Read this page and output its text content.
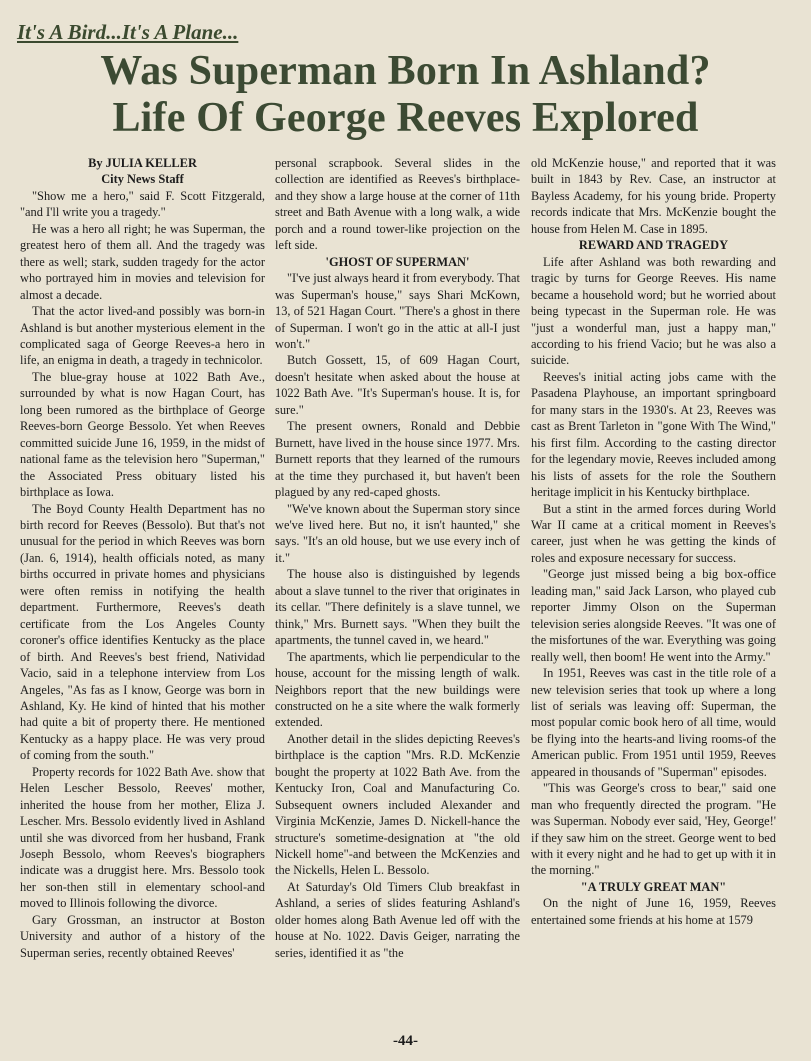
It's A Bird...It's A Plane...
Was Superman Born In Ashland?
Life Of George Reeves Explored
By JULIA KELLER
City News Staff

"Show me a hero," said F. Scott Fitzgerald, "and I'll write you a tragedy."

He was a hero all right; he was Superman, the greatest hero of them all. And the tragedy was there as well; stark, sudden tragedy for the actor who portrayed him in movies and television for almost a decade.

That the actor lived-and possibly was born-in Ashland is but another mysterious element in the complicated saga of George Reeves-a hero in life, an enigma in death, a tragedy in technicolor.

The blue-gray house at 1022 Bath Ave., surrounded by what is now Hagan Court, has long been rumored as the birthplace of George Reeves-born George Bessolo. Yet when Reeves committed suicide June 16, 1959, in the midst of national fame as the television hero "Superman," the Associated Press obituary listed his birthplace as Iowa.

The Boyd County Health Department has no birth record for Reeves (Bessolo). But that's not unusual for the period in which Reeves was born (Jan. 6, 1914), health officials noted, as many births occurred in private homes and physicians were often remiss in notifying the health department. Furthermore, Reeves's death certificate from the Los Angeles County coroner's office identifies Kentucky as the place of birth. And Reeves's best friend, Natividad Vacio, said in a telephone interview from Los Angeles, "As fas as I know, George was born in Ashland, Ky. He kind of hinted that his mother had quite a bit of property there. He mentioned Kentucky as a happy place. He was very proud of coming from the south."

Property records for 1022 Bath Ave. show that Helen Lescher Bessolo, Reeves' mother, inherited the house from her mother, Eliza J. Lescher. Mrs. Bessolo evidently lived in Ashland until she was divorced from her husband, Frank Joseph Bessolo, whom Reeves's biographers indicate was a druggist here. Mrs. Bessolo took her son-then still in elementary school-and moved to Illinois following the divorce.

Gary Grossman, an instructor at Boston University and author of a history of the Superman series, recently obtained Reeves'

personal scrapbook. Several slides in the collection are identified as Reeves's birthplace-and they show a large house at the corner of 11th street and Bath Avenue with a long walk, a wide porch and a round tower-like projection on the left side.

'GHOST OF SUPERMAN'

"I've just always heard it from everybody. That was Superman's house," says Shari McKown, 13, of 521 Hagan Court. "There's a ghost in there of Superman. I won't go in the attic at all-I just won't."

Butch Gossett, 15, of 609 Hagan Court, doesn't hesitate when asked about the house at 1022 Bath Ave. "It's Superman's house. It is, for sure."

The present owners, Ronald and Debbie Burnett, have lived in the house since 1977. Mrs. Burnett reports that they learned of the rumours at the time they purchased it, but haven't been plagued by any red-caped ghosts.

"We've known about the Superman story since we've lived here. But no, it isn't haunted," she says. "It's an old house, but we use every inch of it."

The house also is distinguished by legends about a slave tunnel to the river that originates in its cellar. "There definitely is a slave tunnel, we think," Mrs. Burnett says. "When they built the apartments, the tunnel caved in, we heard."

The apartments, which lie perpendicular to the house, account for the missing length of walk. Neighbors report that the new buildings were constructed on he a site where the walk formerly extended.

Another detail in the slides depicting Reeves's birthplace is the caption "Mrs. R.D. McKenzie bought the property at 1022 Bath Ave. from the Kentucky Iron, Coal and Manufacturing Co. Subsequent owners included Alexander and Virginia McKenzie, James D. Nickell-hance the structure's sometime-designation at "the old Nickell home"-and between the McKenzies and the Nickells, Helen L. Bessolo.

At Saturday's Old Timers Club breakfast in Ashland, a series of slides featuring Ashland's older homes along Bath Avenue led off with the house at No. 1022. Davis Geiger, narrating the series, identified it as "the

old McKenzie house," and reported that it was built in 1843 by Rev. Case, an instructor at Bayless Academy, for his young bride. Property records indicate that Mrs. McKenzie bought the house from Helen M. Case in 1895.

REWARD AND TRAGEDY

Life after Ashland was both rewarding and tragic by turns for George Reeves. His name became a household word; but he worried about being typecast in the Superman role. He was "just a wonderful man, just a happy man," according to his friend Vacio; but he was also a suicide.

Reeves's initial acting jobs came with the Pasadena Playhouse, an important springboard for many stars in the 1930's. At 23, Reeves was cast as Brent Tarleton in "gone With The Wind," his first film. According to the casting director for the legendary movie, Reeves included among his lists of assets for the role the Southern heritage implicit in his Kentucky birthplace.

But a stint in the armed forces during World War II came at a critical moment in Reeves's career, just when he was getting the kinds of roles and exposure necessary for success.

"George just missed being a big box-office leading man," said Jack Larson, who played cub reporter Jimmy Olson on the Superman television series alongside Reeves. "It was one of the misfortunes of the war. Everything was going really well, then boom! He went into the Army."

In 1951, Reeves was cast in the title role of a new television series that took up where a long list of serials was leaving off: Superman, the most popular comic book hero of all time, would be flying into the hearts-and living rooms-of the American public. From 1951 until 1959, Reeves appeared in thousands of "Superman" episodes.

"This was George's cross to bear," said one man who frequently directed the program. "He was Superman. Nobody ever said, 'Hey, George!' if they saw him on the street. George went to bed with it every night and he had to get up with it in the morning."

"A TRULY GREAT MAN"

On the night of June 16, 1959, Reeves entertained some friends at his home at 1579

-44-
